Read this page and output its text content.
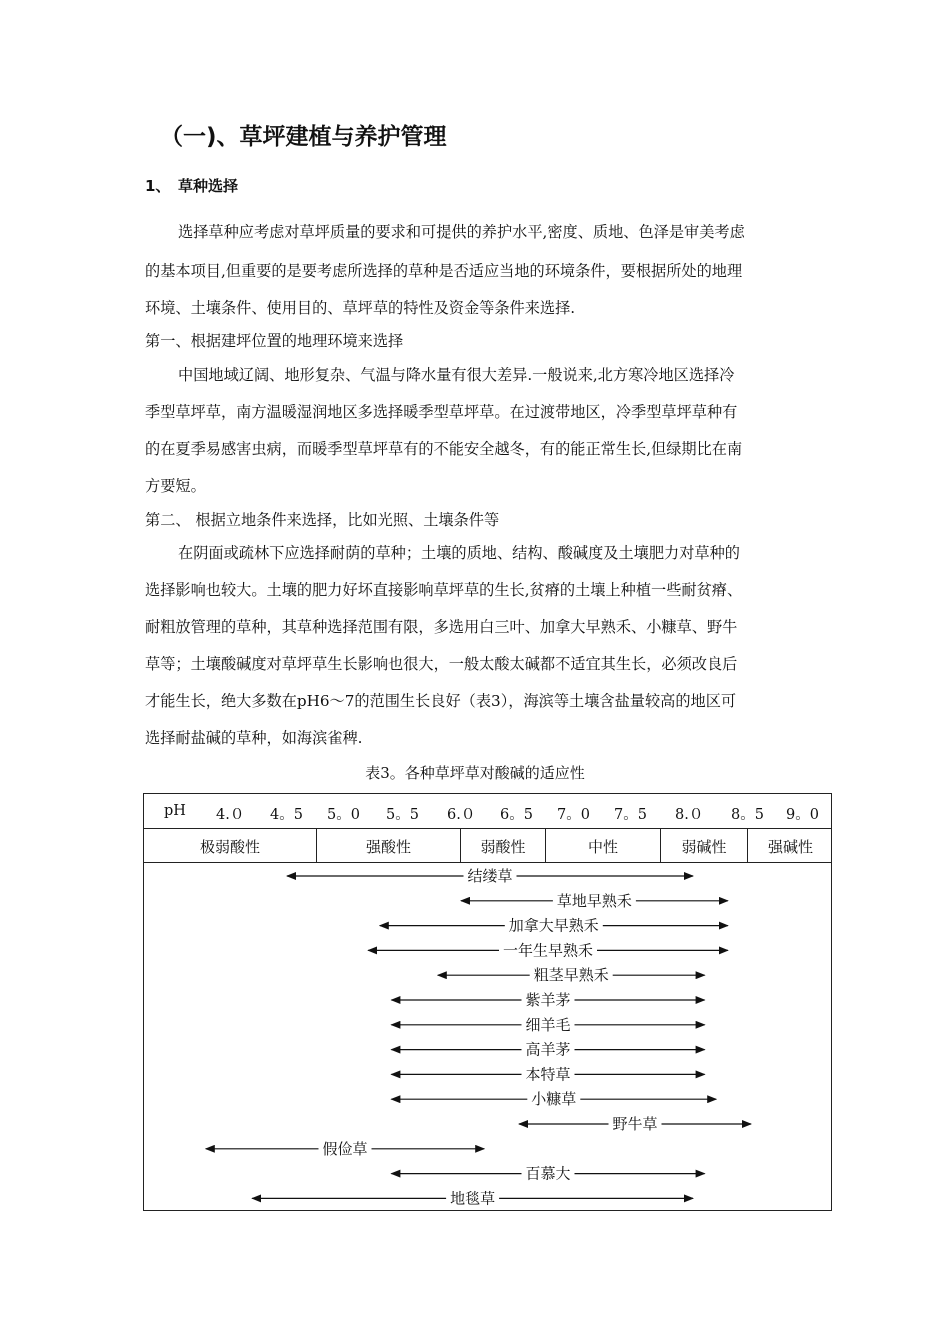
（一)、草坪建植与养护管理
1、 草种选择
选择草种应考虑对草坪质量的要求和可提供的养护水平,密度、质地、色泽是审美考虑
的基本项目,但重要的是要考虑所选择的草种是否适应当地的环境条件，要根据所处的地理
环境、土壤条件、使用目的、草坪草的特性及资金等条件来选择.
第一、根据建坪位置的地理环境来选择
中国地域辽阔、地形复杂、气温与降水量有很大差异.一般说来,北方寒冷地区选择冷
季型草坪草，南方温暖湿润地区多选择暖季型草坪草。在过渡带地区，冷季型草坪草种有
的在夏季易感害虫病，而暖季型草坪草有的不能安全越冬，有的能正常生长,但绿期比在南
方要短。
第二、 根据立地条件来选择，比如光照、土壤条件等
在阴面或疏林下应选择耐荫的草种；土壤的质地、结构、酸碱度及土壤肥力对草种的
选择影响也较大。土壤的肥力好坏直接影响草坪草的生长,贫瘠的土壤上种植一些耐贫瘠、
耐粗放管理的草种，其草种选择范围有限，多选用白三叶、加拿大早熟禾、小糠草、野牛
草等；土壤酸碱度对草坪草生长影响也很大，一般太酸太碱都不适宜其生长，必须改良后
才能生长，绝大多数在pH6～7的范围生长良好（表3），海滨等土壤含盐量较高的地区可
选择耐盐碱的草种，如海滨雀稗.
表3。各种草坪草对酸碱的适应性
pH 4.０ 4。5 5。0 5。5 6.０ 6。5 7。0 7。5 8.０ 8。5 9。0
极弱酸性	强酸性	弱酸性	中性	弱碱性	强碱性
结缕草
草地早熟禾
加拿大早熟禾
一年生早熟禾
粗茎早熟禾
紫羊茅
细羊毛
高羊茅
本特草
小糠草
野牛草
假俭草
百慕大
地毯草
